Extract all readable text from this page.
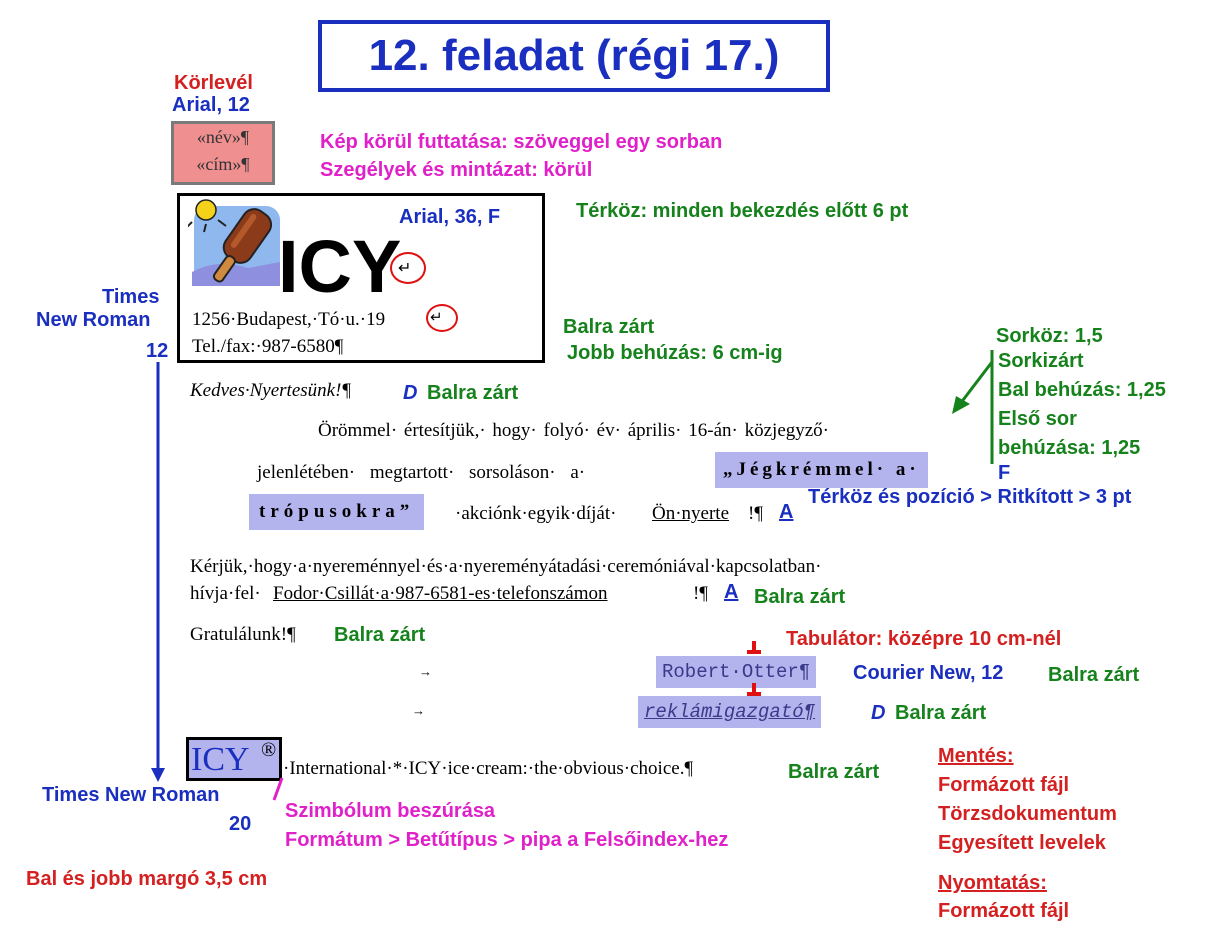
12. feladat (régi 17.)
Körlevél
Arial, 12
«név»¶
«cím»¶
Kép körül futtatása: szöveggel egy sorban
Szegélyek és mintázat: körül
ICY
↵
Arial, 36, F
1256·Budapest,·Tó·u.·19	↵
Tel./fax:·987-6580¶
Térköz: minden bekezdés előtt 6 pt
Times
New Roman
12
Balra zárt
Jobb behúzás: 6 cm-ig
Sorköz: 1,5
Sorkizárt
Bal behúzás: 1,25
Első sor
behúzása: 1,25
Kedves·Nyertesünk!¶	D Balra zárt
Örömmel· értesítjük,· hogy· folyó· év· április· 16-án· közjegyző·
jelenlétében· megtartott· sorsoláson· a·	„Jégkrémmel· a·	F
Térköz és pozíció > Ritkított > 3 pt
trópusokra”	·akciónk·egyik·díját· Ön·nyerte !¶ A
Kérjük,·hogy·a·nyereménnyel·és·a·nyereményátadási·ceremóniával·kapcsolatban·
hívja·fel· Fodor·Csillát·a·987-6581-es·telefonszámon	!¶ A Balra zárt
Gratulálunk!¶ Balra zárt	Tabulátor: középre 10 cm-nél
→	Robert·Otter¶	Courier New, 12 Balra zárt
→	reklámigazgató¶	D Balra zárt
ICY ®
·International·*·ICY·ice·cream:·the·obvious·choice.¶	Balra zárt
Times New Roman
20
Szimbólum beszúrása
Formátum > Betűtípus > pipa a Felsőindex-hez
Bal és jobb margó 3,5 cm
Mentés:
Formázott fájl
Törzsdokumentum
Egyesített levelek
Nyomtatás:
Formázott fájl
